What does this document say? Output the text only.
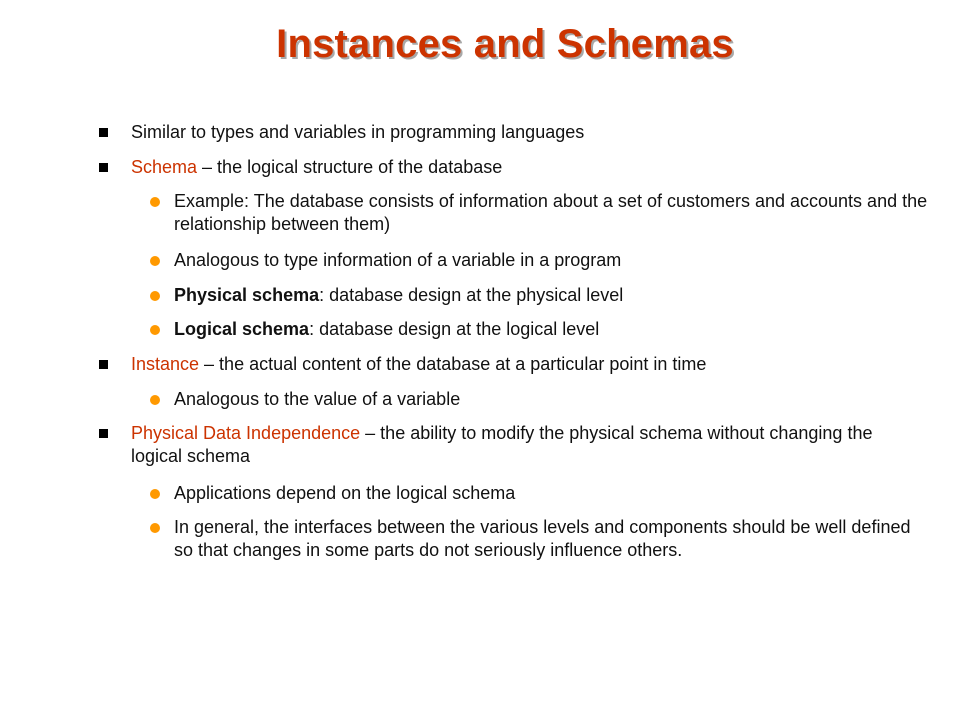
Instances and Schemas
Similar to types and variables in programming languages
Schema – the logical structure of the database
Example: The database consists of information about a set of customers and accounts and the relationship between them)
Analogous to type information of a variable in a program
Physical schema: database design at the physical level
Logical schema: database design at the logical level
Instance – the actual content of the database at a particular point in time
Analogous to the value of a variable
Physical Data Independence – the ability to modify the physical schema without changing the logical schema
Applications depend on the logical schema
In general, the interfaces between the various levels and components should be well defined so that changes in some parts do not seriously influence others.
